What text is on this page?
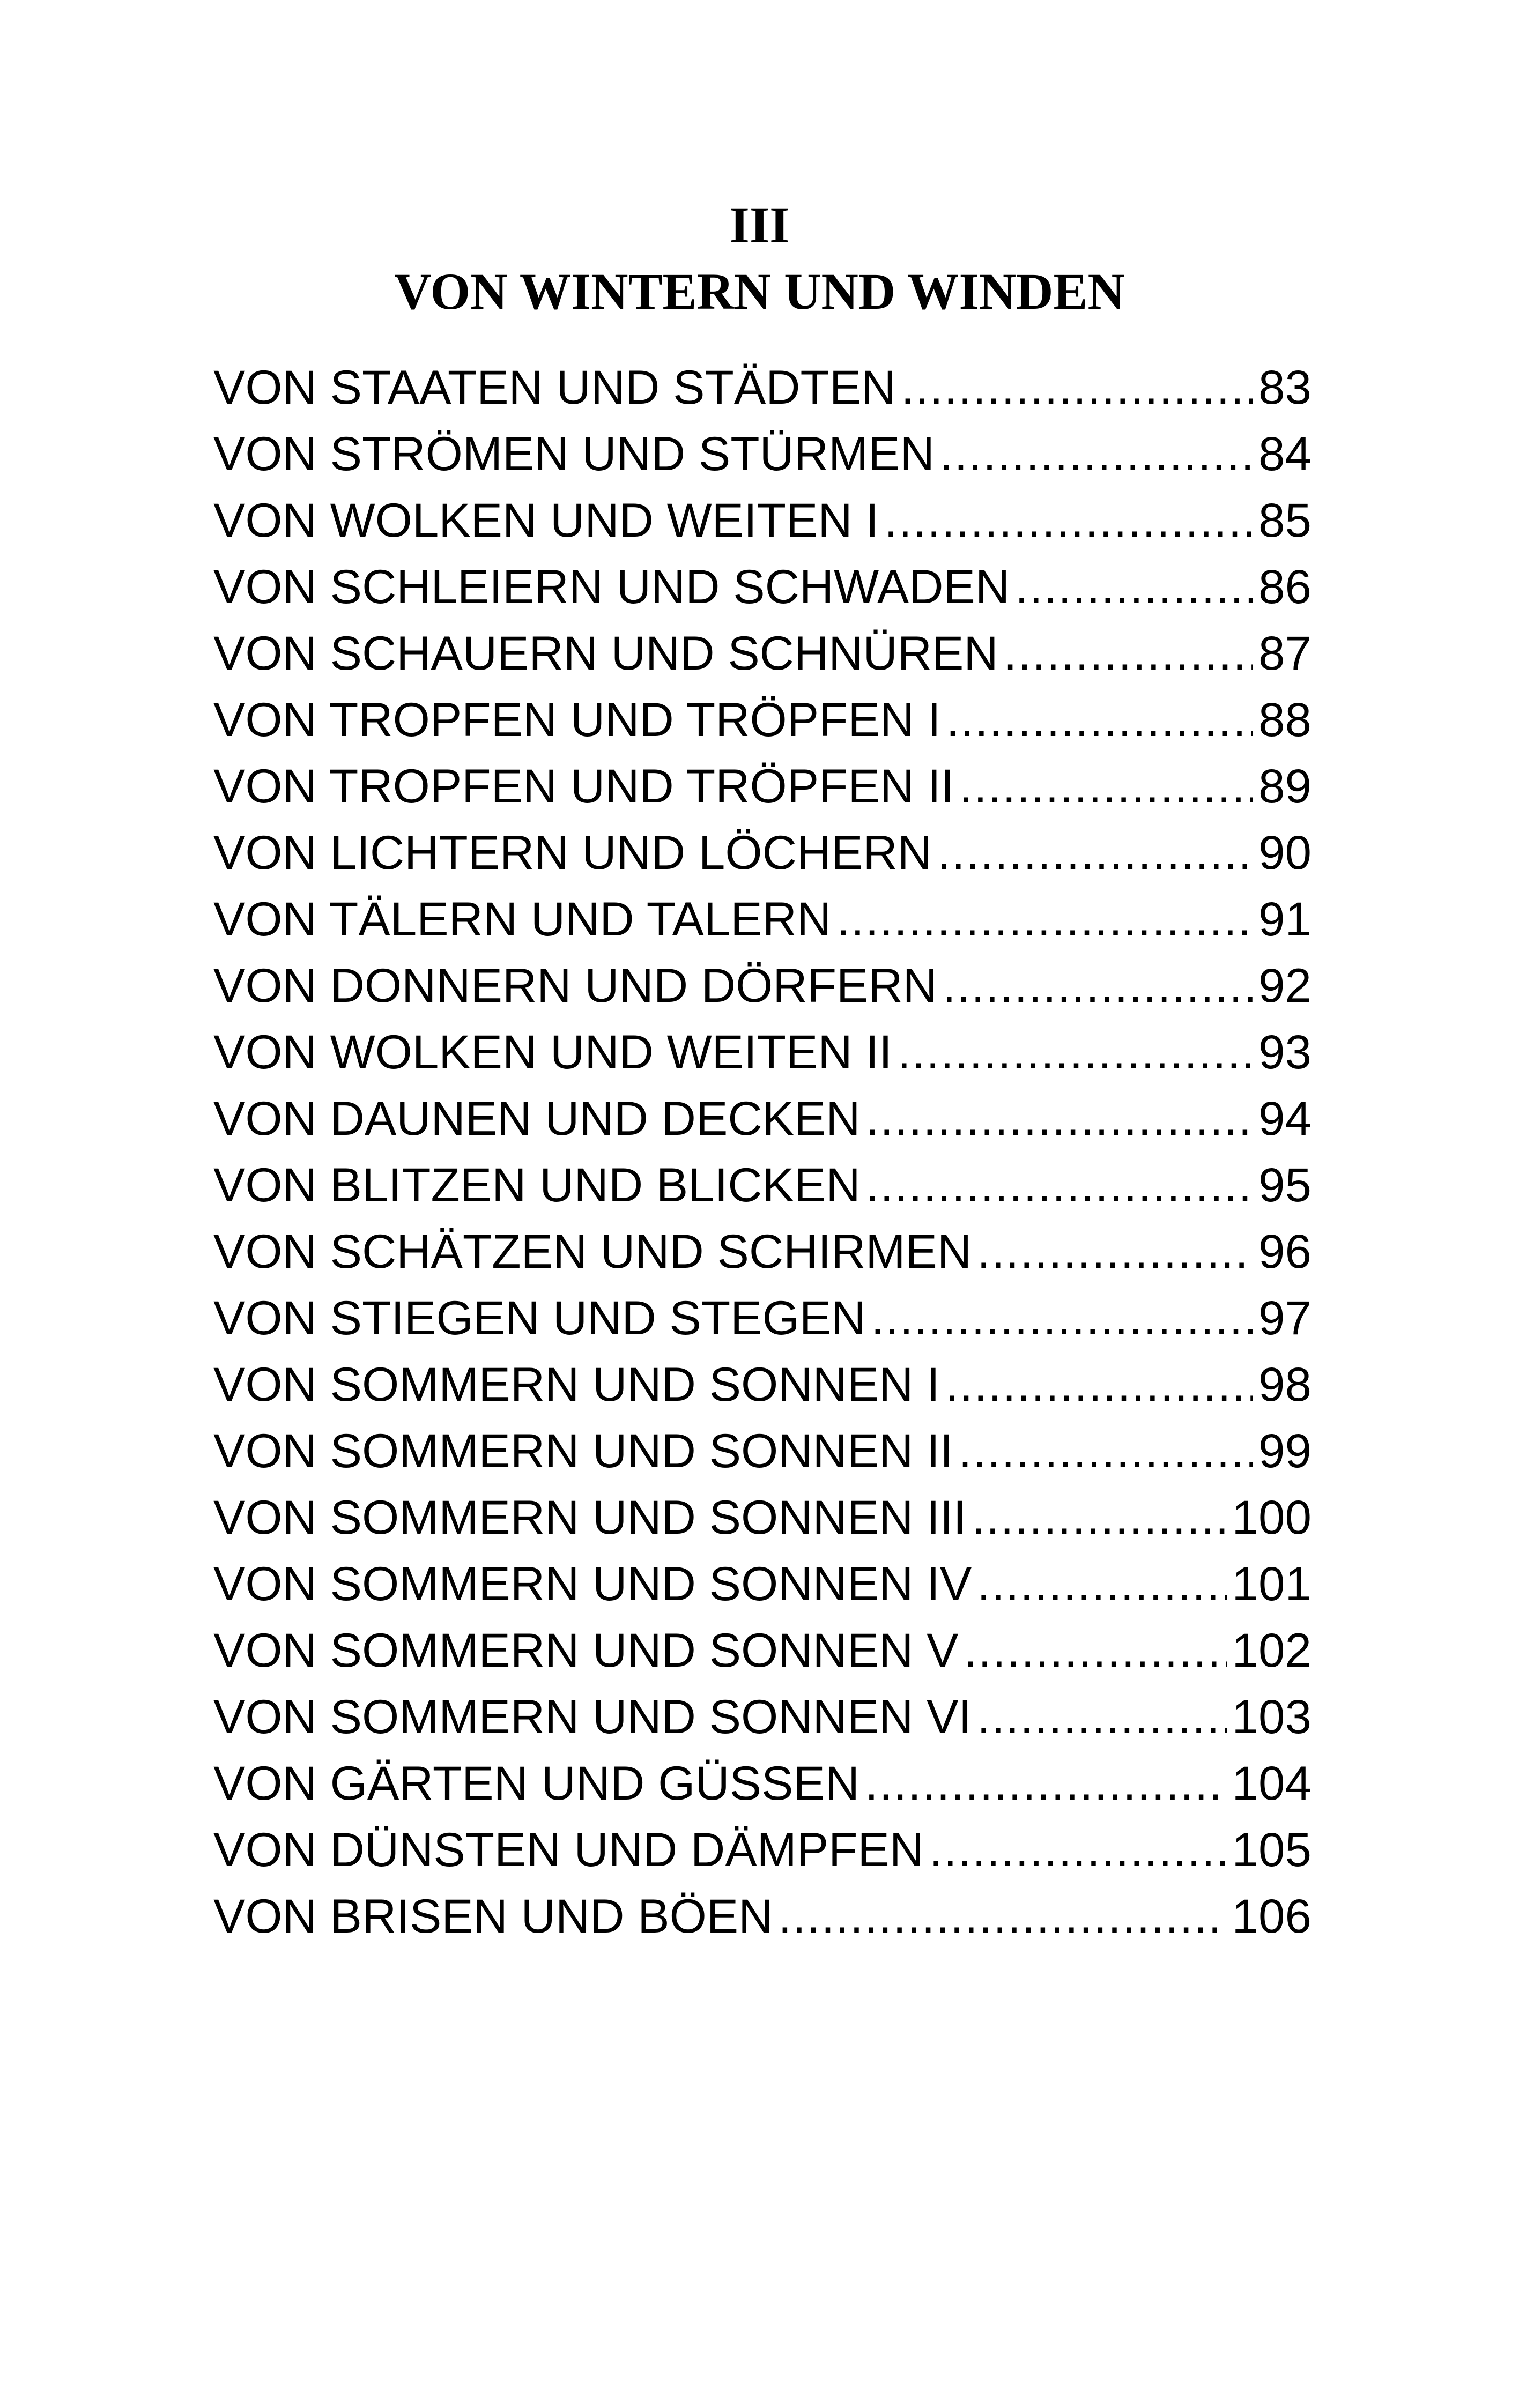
III
VON WINTERN UND WINDEN
VON STAATEN UND STÄDTEN .....	83
VON STRÖMEN UND STÜRMEN .....	84
VON WOLKEN UND WEITEN I .....	85
VON SCHLEIERN UND SCHWADEN .....	86
VON SCHAUERN UND SCHNÜREN .....	87
VON TROPFEN UND TRÖPFEN I .....	88
VON TROPFEN UND TRÖPFEN II .....	89
VON LICHTERN UND LÖCHERN .....	90
VON TÄLERN UND TALERN .....	91
VON DONNERN UND DÖRFERN .....	92
VON WOLKEN UND WEITEN II .....	93
VON DAUNEN UND DECKEN .....	94
VON BLITZEN UND BLICKEN .....	95
VON SCHÄTZEN UND SCHIRMEN .....	96
VON STIEGEN UND STEGEN .....	97
VON SOMMERN UND SONNEN I .....	98
VON SOMMERN UND SONNEN II .....	99
VON SOMMERN UND SONNEN III .....	100
VON SOMMERN UND SONNEN IV .....	101
VON SOMMERN UND SONNEN V .....	102
VON SOMMERN UND SONNEN VI .....	103
VON GÄRTEN UND GÜSSEN .....	104
VON DÜNSTEN UND DÄMPFEN .....	105
VON BRISEN UND BÖEN .....	106
